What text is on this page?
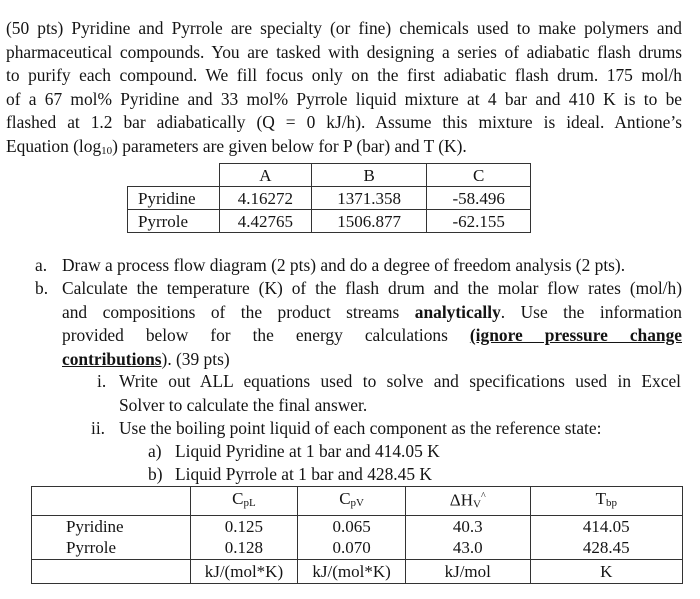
(50 pts) Pyridine and Pyrrole are specialty (or fine) chemicals used to make polymers and
pharmaceutical compounds. You are tasked with designing a series of adiabatic flash drums
to purify each compound. We fill focus only on the first adiabatic flash drum. 175 mol/h
of a 67 mol% Pyridine and 33 mol% Pyrrole liquid mixture at 4 bar and 410 K is to be
flashed at 1.2 bar adiabatically (Q = 0 kJ/h). Assume this mixture is ideal. Antione’s
Equation $(\log_{10})$ parameters are given below for P (bar) and T (K).
	A	B	C
Pyridine	4.16272	1371.358	-58.496
Pyrrole	4.42765	1506.877	-62.155
a. Draw a process flow diagram (2 pts) and do a degree of freedom analysis (2 pts).
b. Calculate the temperature (K) of the flash drum and the molar flow rates (mol/h)
and compositions of the product streams analytically. Use the information
provided below for the energy calculations (ignore pressure change
contributions). (39 pts)
i. Write out ALL equations used to solve and specifications used in Excel
Solver to calculate the final answer.
ii. Use the boiling point liquid of each component as the reference state:
a) Liquid Pyridine at 1 bar and 414.05 K
b) Liquid Pyrrole at 1 bar and 428.45 K
	$C_{pL}$	$C_{pV}$	$\Delta H_V^{\^{}}$	$T_{bp}$
Pyridine	0.125	0.065	40.3	414.05
Pyrrole	0.128	0.070	43.0	428.45
	kJ/(mol*K)	kJ/(mol*K)	kJ/mol	K
